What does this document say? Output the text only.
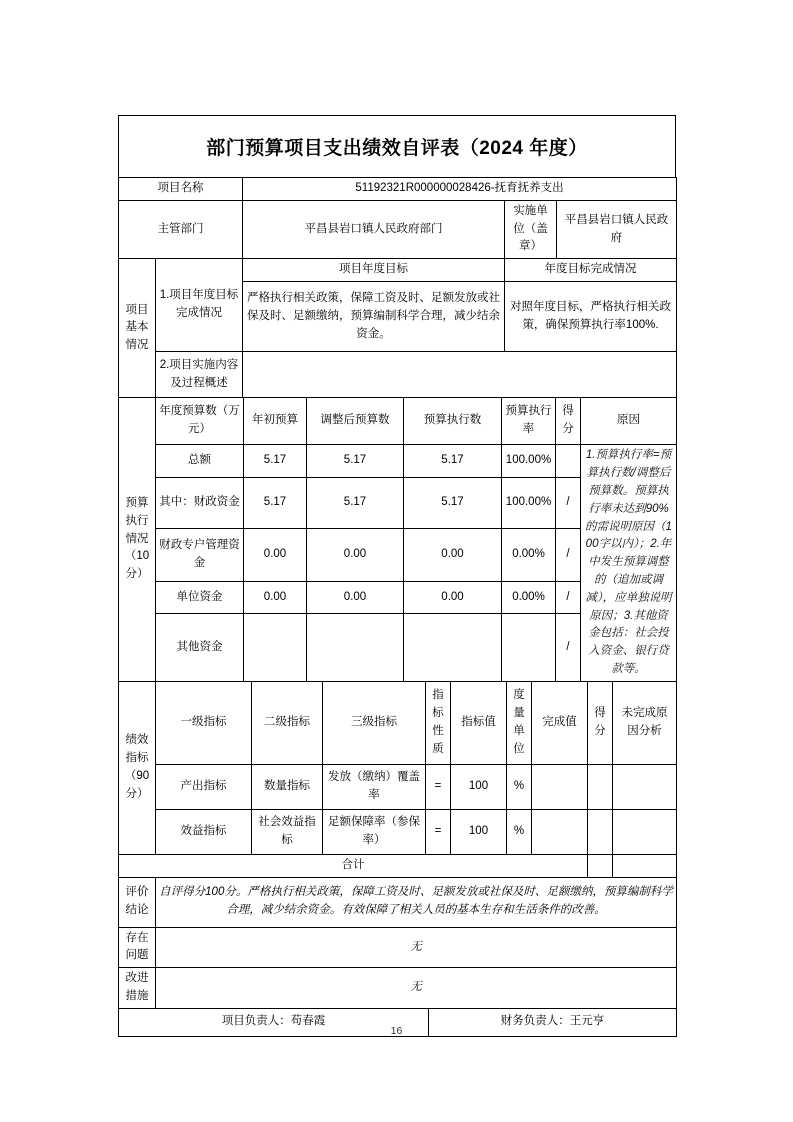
部门预算项目支出绩效自评表（2024 年度）
项目名称	51192321R000000028426-抚育抚养支出		
主管部门	平昌县岩口镇人民政府部门	实施单位（盖章）	平昌县岩口镇人民政府
项目基本情况	1.项目年度目标完成情况	项目年度目标	年度目标完成情况
		严格执行相关政策，保障工资及时、足额发放或社保及时、足额缴纳，预算编制科学合理，减少结余资金。	对照年度目标，严格执行相关政策，确保预算执行率100%.
	2.项目实施内容及过程概述		
预算执行情况（10分）	年度预算数（万元）	年初预算	调整后预算数	预算执行数	预算执行率	得分	原因
	总额	5.17	5.17	5.17	100.00%		1.预算执行率=预算执行数/调整后预算数。预算执行率未达到90%的需说明原因（100字以内）；2.年中发生预算调整的（追加或调减），应单独说明原因；3.其他资金包括：社会投入资金、银行贷款等。
	其中：财政资金	5.17	5.17	5.17	100.00%	/	
	财政专户管理资金	0.00	0.00	0.00	0.00%	/	
	单位资金	0.00	0.00	0.00	0.00%	/	
	其他资金					/	
绩效指标（90分）	一级指标	二级指标	三级指标	指标性质	指标值	度量单位	完成值	得分	未完成原因分析
	产出指标	数量指标	发放（缴纳）覆盖率	=	100	%			
	效益指标	社会效益指标	足额保障率（参保率）	=	100	%			
合计									
评价结论	自评得分100分。严格执行相关政策，保障工资及时、足额发放或社保及时、足额缴纳，预算编制科学合理，减少结余资金。有效保障了相关人员的基本生存和生活条件的改善。	
存在问题	无	
改进措施	无	
项目负责人：苟春霞		财务负责人：王元亨
16
